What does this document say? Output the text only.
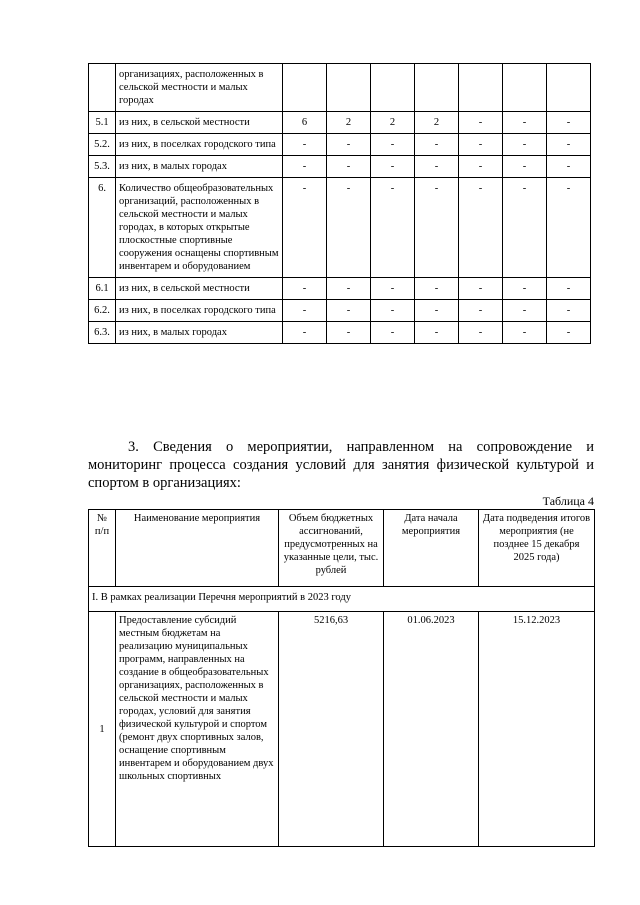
	организациях, расположенных в сельской местности и малых городах							
5.1	из них, в сельской местности	6	2	2	2	-	-	-
5.2.	из них, в поселках городского типа	-	-	-	-	-	-	-
5.3.	из них, в малых городах	-	-	-	-	-	-	-
6.	Количество общеобразовательных организаций, расположенных в сельской местности и малых городах, в которых открытые плоскостные спортивные сооружения оснащены спортивным инвентарем и оборудованием	-	-	-	-	-	-	-
6.1	из них, в сельской местности	-	-	-	-	-	-	-
6.2.	из них, в поселках городского типа	-	-	-	-	-	-	-
6.3.	из них, в малых городах	-	-	-	-	-	-	-

3. Сведения о мероприятии, направленном на сопровождение и мониторинг процесса создания условий для занятия физической культурой и спортом в организациях:

Таблица 4
№ п/п	Наименование мероприятия	Объем бюджетных ассигнований, предусмотренных на указанные цели, тыс. рублей	Дата начала мероприятия	Дата подведения итогов мероприятия (не позднее 15 декабря 2025 года)
I. В рамках реализации Перечня мероприятий в 2023 году				
1	Предоставление субсидий местным бюджетам на реализацию муниципальных программ, направленных на создание в общеобразовательных организациях, расположенных в сельской местности и малых городах, условий для занятия физической культурой и спортом (ремонт двух спортивных залов, оснащение спортивным инвентарем и оборудованием двух школьных спортивных	5216,63	01.06.2023	15.12.2023
